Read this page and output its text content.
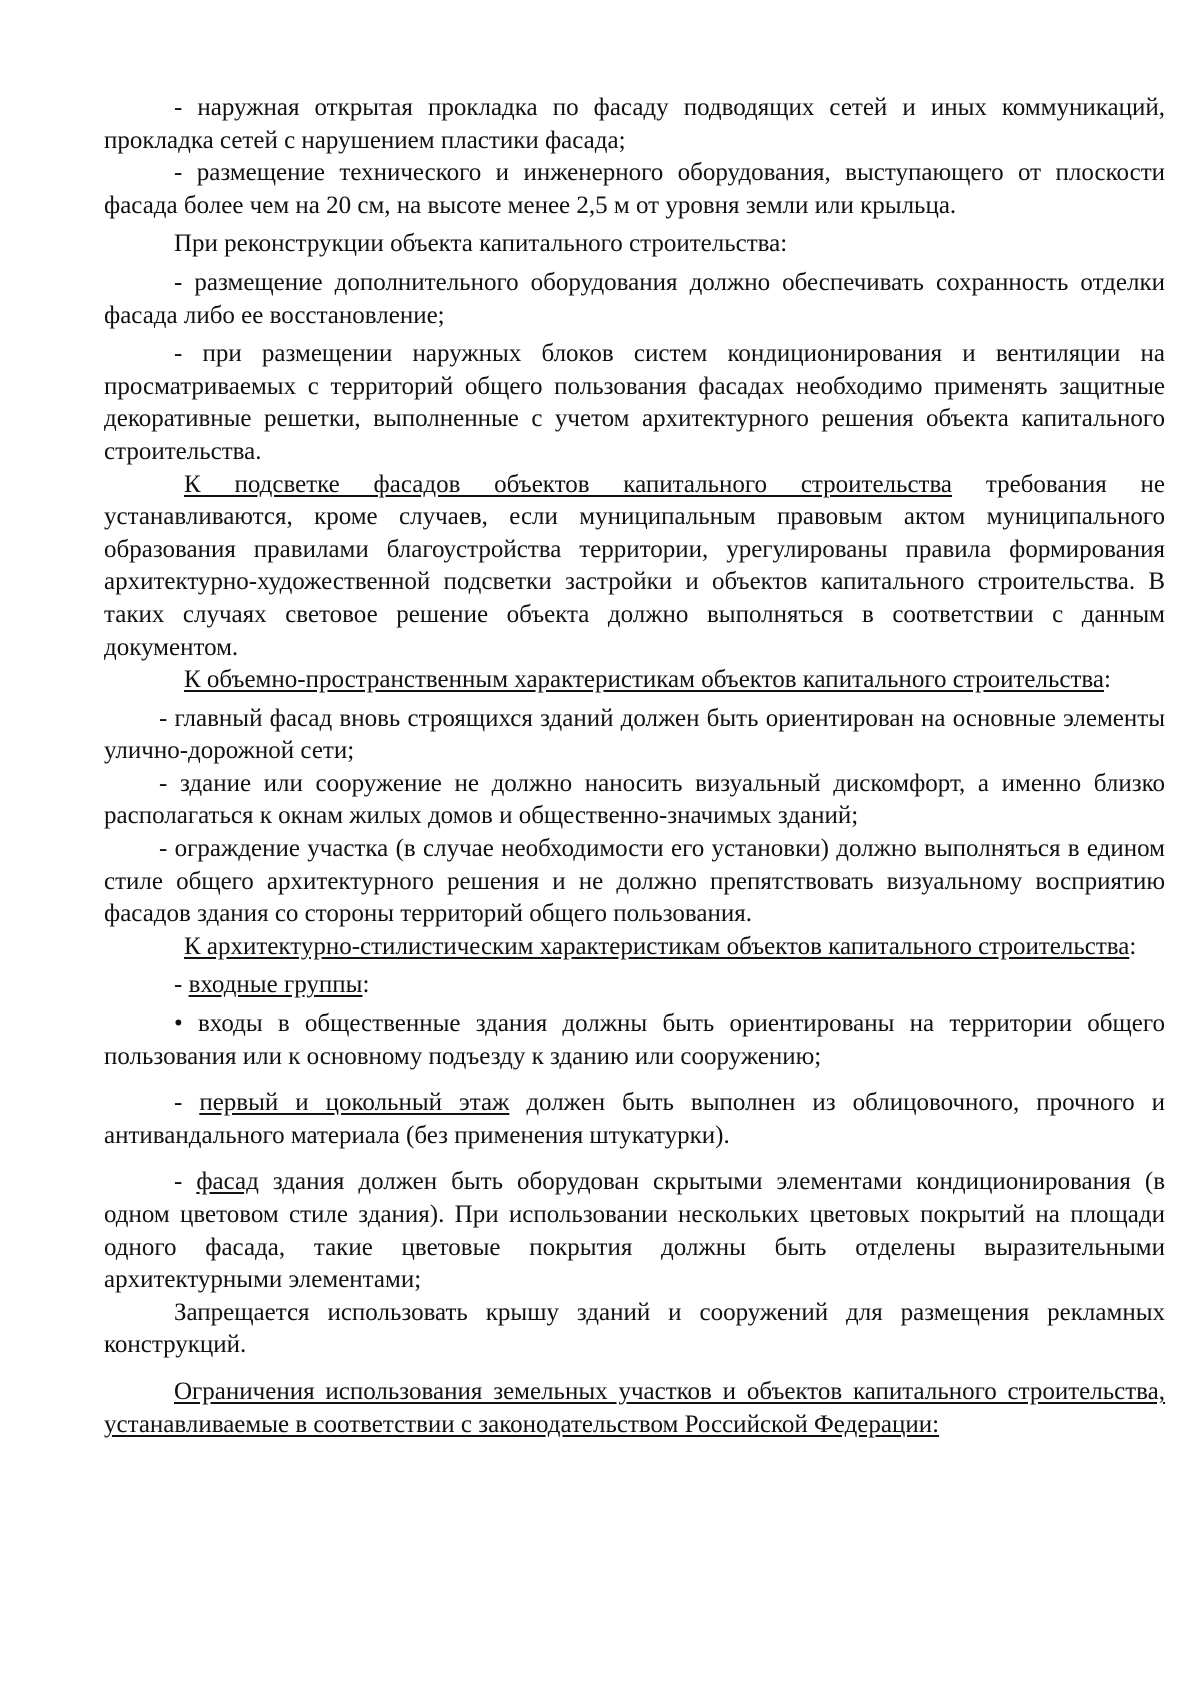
- наружная открытая прокладка по фасаду подводящих сетей и иных коммуникаций, прокладка сетей с нарушением пластики фасада;

- размещение технического и инженерного оборудования, выступающего от плоскости фасада более чем на 20 см, на высоте менее 2,5 м от уровня земли или крыльца.

При реконструкции объекта капитального строительства:

- размещение дополнительного оборудования должно обеспечивать сохранность отделки фасада либо ее восстановление;

- при размещении наружных блоков систем кондиционирования и вентиляции на просматриваемых с территорий общего пользования фасадах необходимо применять защитные декоративные решетки, выполненные с учетом архитектурного решения объекта капитального строительства.

К подсветке фасадов объектов капитального строительства требования не устанавливаются, кроме случаев, если муниципальным правовым актом муниципального образования правилами благоустройства территории, урегулированы правила формирования архитектурно-художественной подсветки застройки и объектов капитального строительства. В таких случаях световое решение объекта должно выполняться в соответствии с данным документом.

К объемно-пространственным характеристикам объектов капитального строительства:

- главный фасад вновь строящихся зданий должен быть ориентирован на основные элементы улично-дорожной сети;

- здание или сооружение не должно наносить визуальный дискомфорт, а именно близко располагаться к окнам жилых домов и общественно-значимых зданий;

- ограждение участка (в случае необходимости его установки) должно выполняться в едином стиле общего архитектурного решения и не должно препятствовать визуальному восприятию фасадов здания со стороны территорий общего пользования.

К архитектурно-стилистическим характеристикам объектов капитального строительства:

- входные группы:

• входы в общественные здания должны быть ориентированы на территории общего пользования или к основному подъезду к зданию или сооружению;

- первый и цокольный этаж должен быть выполнен из облицовочного, прочного и антивандального материала (без применения штукатурки).

- фасад здания должен быть оборудован скрытыми элементами кондиционирования (в одном цветовом стиле здания). При использовании нескольких цветовых покрытий на площади одного фасада, такие цветовые покрытия должны быть отделены выразительными архитектурными элементами;

Запрещается использовать крышу зданий и сооружений для размещения рекламных конструкций.

Ограничения использования земельных участков и объектов капитального строительства, устанавливаемые в соответствии с законодательством Российской Федерации:
